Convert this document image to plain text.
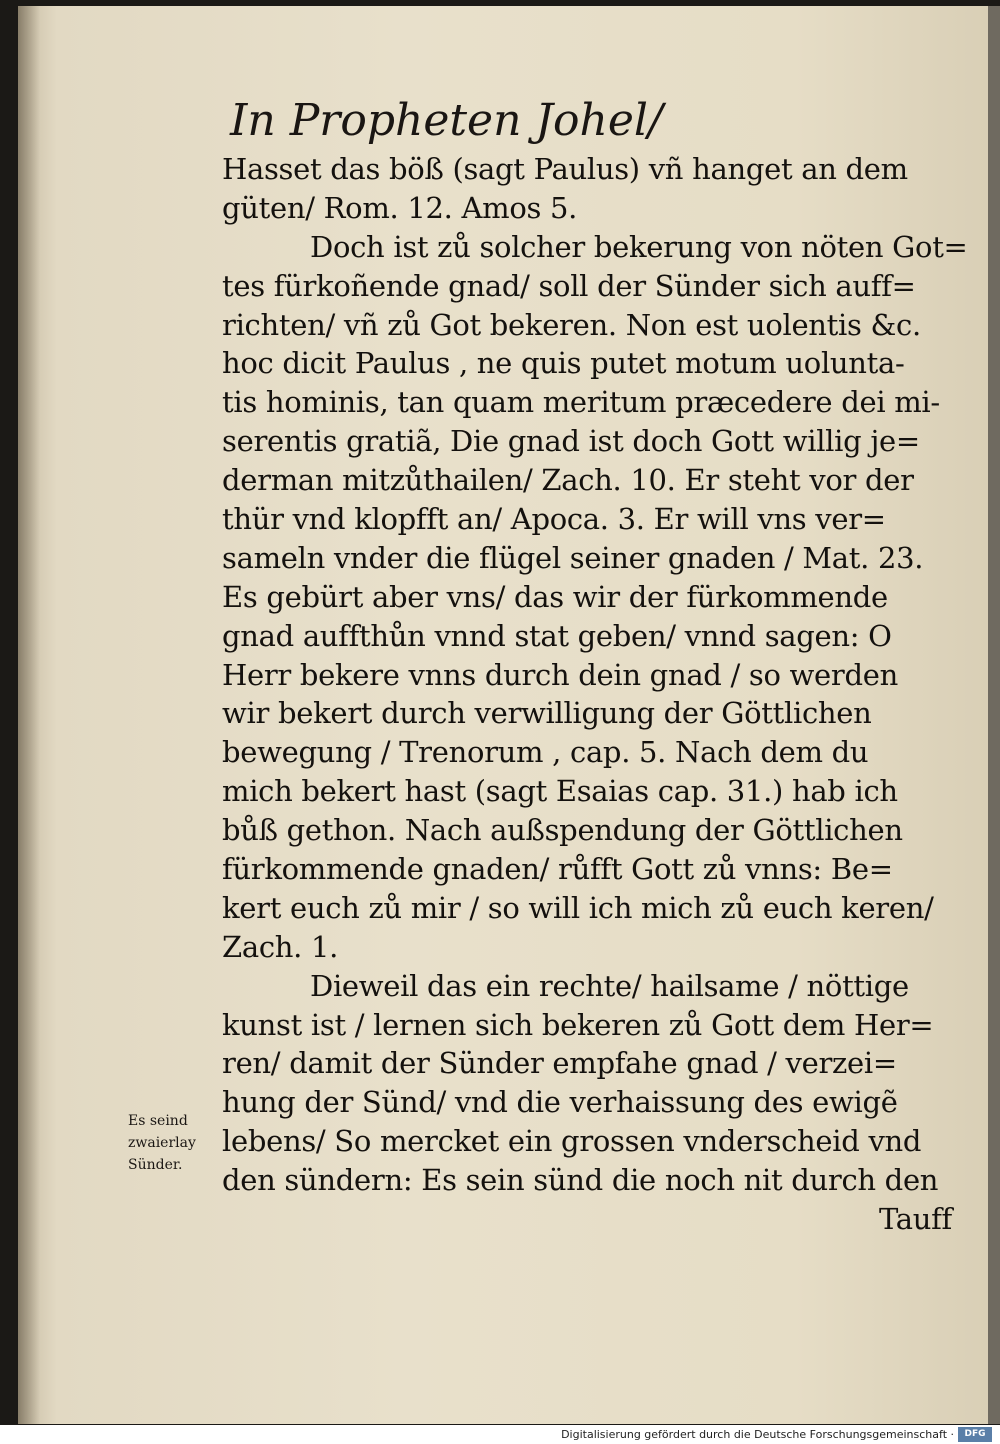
In Propheten Johel/
Hasset das böß (sagt Paulus) vñ hanget an dem
güten/ Rom. 12. Amos 5.
Doch ist zů solcher bekerung von nöten Got=
tes fürkoñende gnad/ soll der Sünder sich auff=
richten/ vñ zů Got bekeren. Non est uolentis &c.
hoc dicit Paulus , ne quis putet motum uolunta-
tis hominis, tan quam meritum præcedere dei mi-
serentis gratiã, Die gnad ist doch Gott willig je=
derman mitzůthailen/ Zach. 10. Er steht vor der
thür vnd klopfft an/ Apoca. 3. Er will vns ver=
sameln vnder die flügel seiner gnaden / Mat. 23.
Es gebürt aber vns/ das wir der fürkommende
gnad auffthůn vnnd stat geben/ vnnd sagen: O
Herr bekere vnns durch dein gnad / so werden
wir bekert durch verwilligung der Göttlichen
bewegung / Trenorum , cap. 5. Nach dem du
mich bekert hast (sagt Esaias cap. 31.) hab ich
bůß gethon. Nach außspendung der Göttlichen
fürkommende gnaden/ růfft Gott zů vnns: Be=
kert euch zů mir / so will ich mich zů euch keren/
Zach. 1.
Dieweil das ein rechte/ hailsame / nöttige
kunst ist / lernen sich bekeren zů Gott dem Her=
ren/ damit der Sünder empfahe gnad / verzei=
hung der Sünd/ vnd die verhaissung des ewigẽ
lebens/ So mercket ein grossen vnderscheid vnd
den sündern: Es sein sünd die noch nit durch den
Tauff
Es seind
zwaierlay
Sünder.
Digitalisierung gefördert durch die Deutsche Forschungsgemeinschaft ·	DFG
